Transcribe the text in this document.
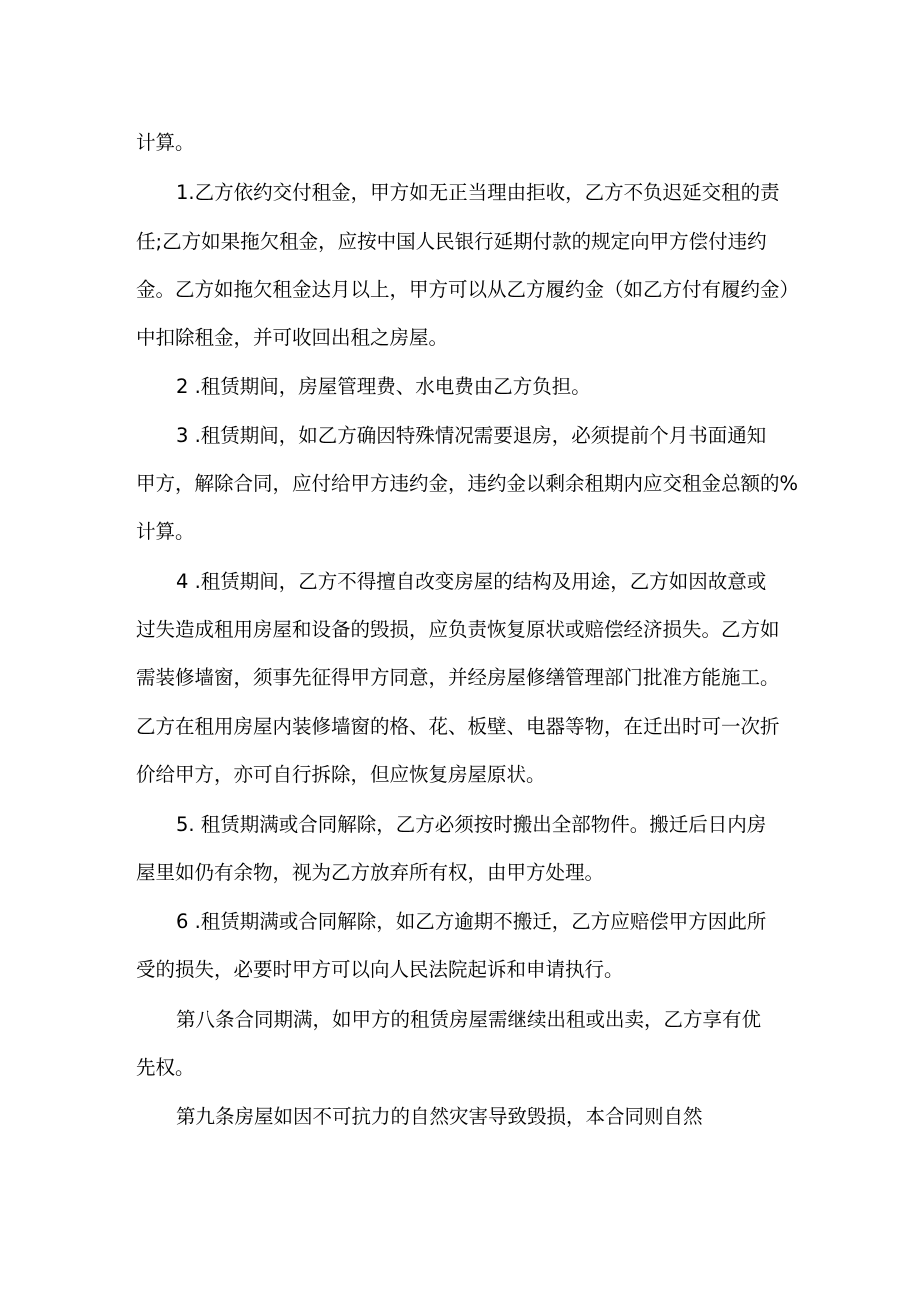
计算。
1.乙方依约交付租金，甲方如无正当理由拒收，乙方不负迟延交租的责
任;乙方如果拖欠租金，应按中国人民银行延期付款的规定向甲方偿付违约
金。乙方如拖欠租金达月以上，甲方可以从乙方履约金（如乙方付有履约金）
中扣除租金，并可收回出租之房屋。
2 .租赁期间，房屋管理费、水电费由乙方负担。
3 .租赁期间，如乙方确因特殊情况需要退房，必须提前个月书面通知
甲方，解除合同，应付给甲方违约金，违约金以剩余租期内应交租金总额的%
计算。
4 .租赁期间，乙方不得擅自改变房屋的结构及用途，乙方如因故意或
过失造成租用房屋和设备的毁损，应负责恢复原状或赔偿经济损失。乙方如
需装修墙窗，须事先征得甲方同意，并经房屋修缮管理部门批准方能施工。
乙方在租用房屋内装修墙窗的格、花、板壁、电器等物，在迁出时可一次折
价给甲方，亦可自行拆除，但应恢复房屋原状。
5. 租赁期满或合同解除，乙方必须按时搬出全部物件。搬迁后日内房
屋里如仍有余物，视为乙方放弃所有权，由甲方处理。
6 .租赁期满或合同解除，如乙方逾期不搬迁，乙方应赔偿甲方因此所
受的损失，必要时甲方可以向人民法院起诉和申请执行。
第八条合同期满，如甲方的租赁房屋需继续出租或出卖，乙方享有优
先权。
第九条房屋如因不可抗力的自然灾害导致毁损，本合同则自然
